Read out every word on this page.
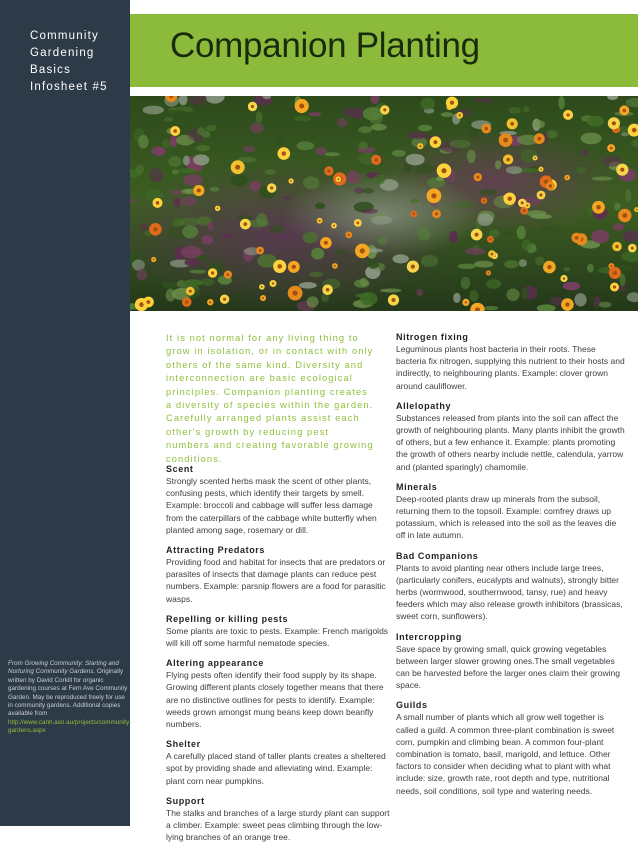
Community
Gardening
Basics
Infosheet #5
From Growing Community: Starting and Nurturing Community Gardens. Originally written by David Corkill for organic gardening courses at Fern Ave Community Garden. May be reproduced freely for use in community gardens. Additional copies available from
http://www.canh.asn.au/projects/community-gardens.aspx
Companion Planting
It is not normal for any living thing to grow in isolation, or in contact with only others of the same kind. Diversity and interconnection are basic ecological principles. Companion planting creates a diversity of species within the garden. Carefully arranged plants assist each other's growth by reducing pest numbers and creating favorable growing conditions.
Scent

Strongly scented herbs mask the scent of other plants, confusing pests, which identify their targets by smell. Example: broccoli and cabbage will suffer less damage from the caterpillars of the cabbage white butterfly when planted among sage, rosemary or dill.

Attracting Predators

Providing food and habitat for insects that are predators or parasites of insects that damage plants can reduce pest numbers. Example: parsnip flowers are a food for parasitic wasps.

Repelling or killing pests

Some plants are toxic to pests. Example: French marigolds will kill off some harmful nematode species.

Altering appearance

Flying pests often identify their food supply by its shape. Growing different plants closely together means that there are no distinctive outlines for pests to identify. Example: weeds grown amongst mung beans keep down beanfly numbers.

Shelter

A carefully placed stand of taller plants creates a sheltered spot by providing shade and alleviating wind. Example: plant corn near pumpkins.

Support

The stalks and branches of a large sturdy plant can support a climber. Example: sweet peas climbing through the low-lying branches of an orange tree.

Nitrogen fixing

Leguminous plants host bacteria in their roots. These bacteria fix nitrogen, supplying this nutrient to their hosts and indirectly, to neighbouring plants. Example: clover grown around cauliflower.

Allelopathy

Substances released from plants into the soil can affect the growth of neighbouring plants. Many plants inhibit the growth of others, but a few enhance it. Example: plants promoting the growth of others nearby include nettle, calendula, yarrow and (planted sparingly) chamomile.

Minerals

Deep-rooted plants draw up minerals from the subsoil, returning them to the topsoil. Example: comfrey draws up potassium, which is released into the soil as the leaves die off in late autumn.

Bad Companions

Plants to avoid planting near others include large trees, (particularly conifers, eucalypts and walnuts), strongly bitter herbs (wormwood, southernwood, tansy, rue) and heavy feeders which may also release growth inhibitors (brassicas, sweet corn, sunflowers).

Intercropping

Save space by growing small, quick growing vegetables between larger slower growing ones.The small vegetables can be harvested before the larger ones claim their growing space.

Guilds

A small number of plants which all grow well together is called a guild. A common three-plant combination is sweet corn, pumpkin and climbing bean. A common four-plant combination is tomato, basil, marigold, and lettuce. Other factors to consider when deciding what to plant with what include: size, growth rate, root depth and type, nutritional needs, soil conditions, soil type and watering needs.
